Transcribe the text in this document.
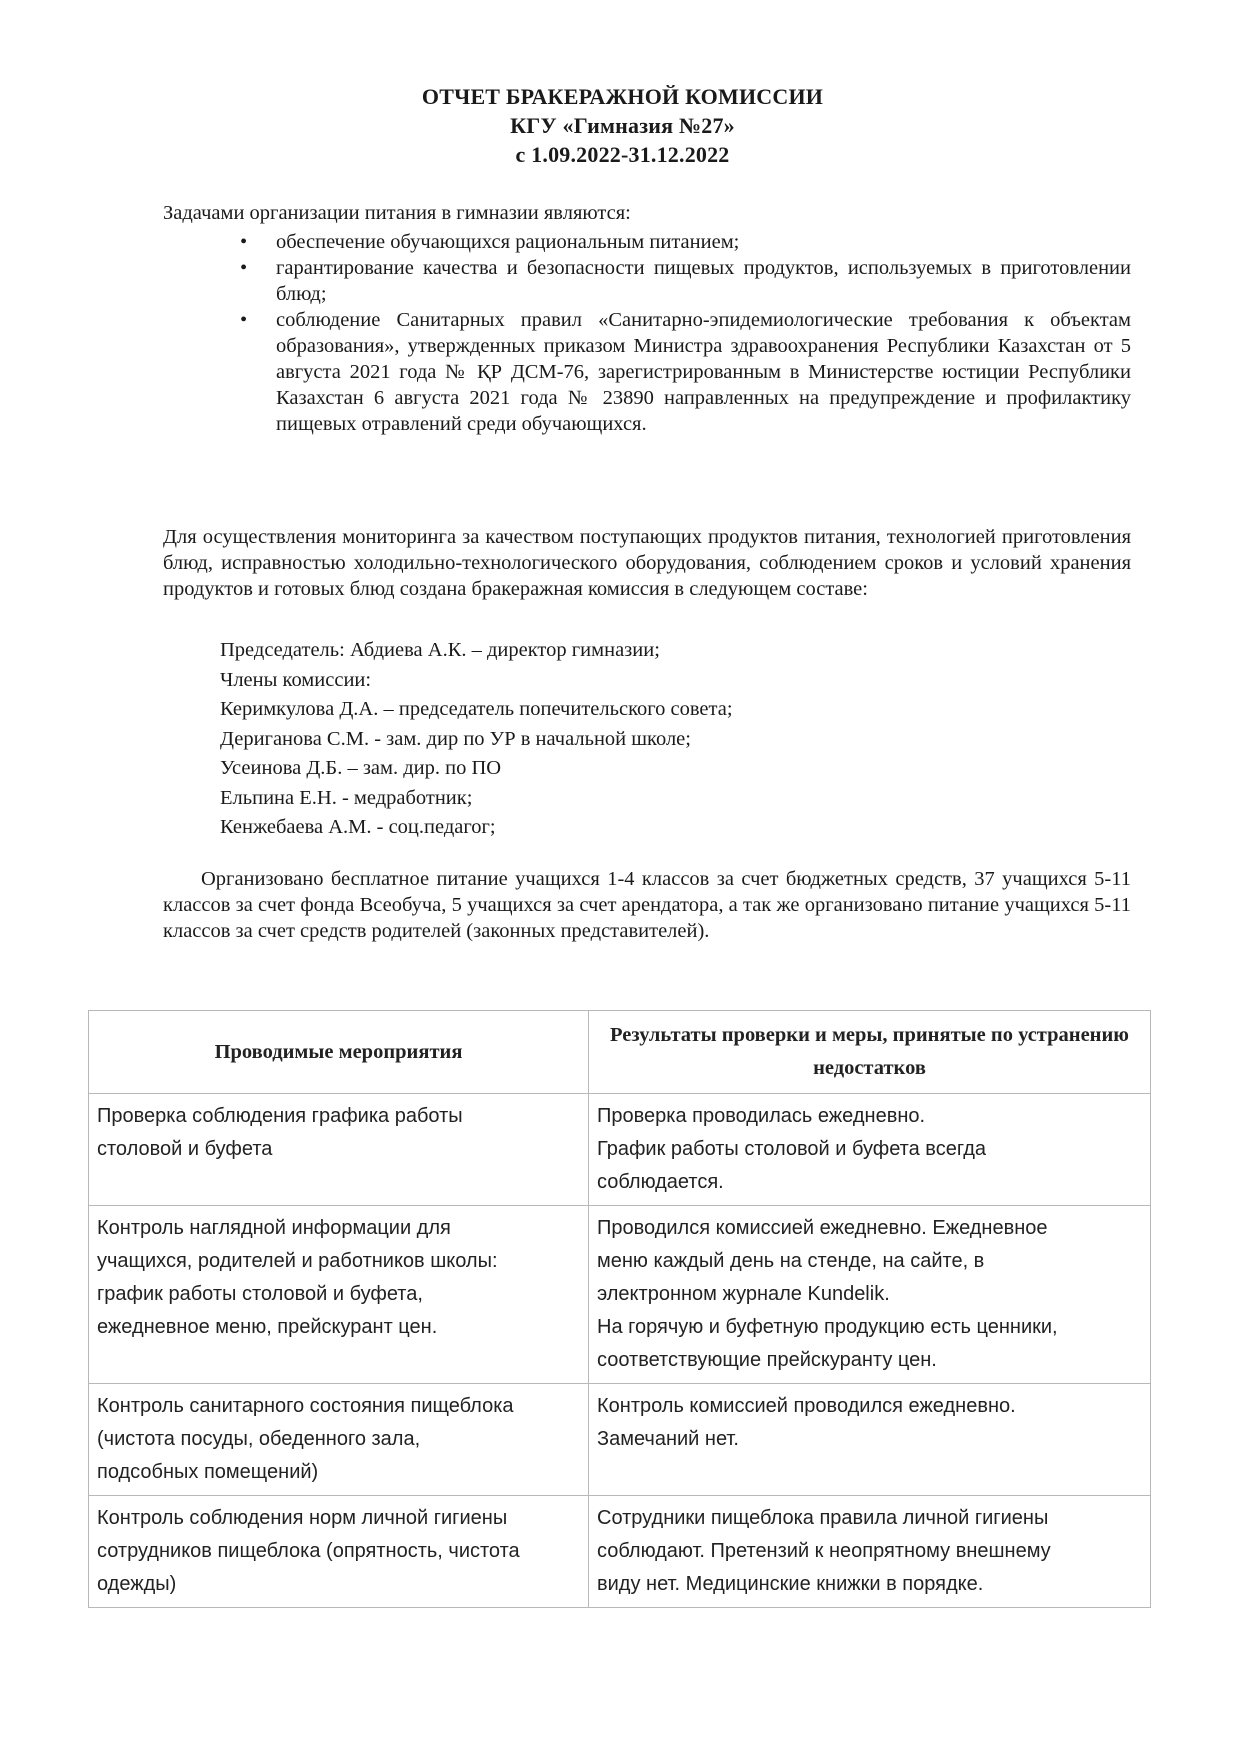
ОТЧЕТ БРАКЕРАЖНОЙ КОМИССИИ
КГУ «Гимназия №27»
с 1.09.2022-31.12.2022
Задачами организации питания в гимназии являются:
• обеспечение обучающихся рациональным питанием;
• гарантирование качества и безопасности пищевых продуктов, используемых в приготовлении блюд;
• соблюдение Санитарных правил «Санитарно-эпидемиологические требования к объектам образования», утвержденных приказом Министра здравоохранения Республики Казахстан от 5 августа 2021 года № ҚР ДСМ-76, зарегистрированным в Министерстве юстиции Республики Казахстан 6 августа 2021 года № 23890 направленных на предупреждение и профилактику пищевых отравлений среди обучающихся.
Для осуществления мониторинга за качеством поступающих продуктов питания, технологией приготовления блюд, исправностью холодильно-технологического оборудования, соблюдением сроков и условий хранения продуктов и готовых блюд создана бракеражная комиссия в следующем составе:
Председатель: Абдиева А.К. – директор гимназии;
Члены комиссии:
Керимкулова Д.А. – председатель попечительского совета;
Дериганова С.М. - зам. дир по УР в начальной школе;
Усеинова Д.Б. – зам. дир. по ПО
Ельпина Е.Н. - медработник;
Кенжебаева А.М. - соц.педагог;
Организовано бесплатное питание учащихся 1-4 классов за счет бюджетных средств, 37 учащихся 5-11 классов за счет фонда Всеобуча, 5 учащихся за счет арендатора, а так же организовано питание учащихся 5-11 классов за счет средств родителей (законных представителей).
Проводимые мероприятия	Результаты проверки и меры, принятые по устранению недостатков

Проверка соблюдения графика работы
столовой и буфета	Проверка проводилась ежедневно.
График работы столовой и буфета всегда
соблюдается.

Контроль наглядной информации для
учащихся, родителей и работников школы:
график работы столовой и буфета,
ежедневное меню, прейскурант цен.	Проводился комиссией ежедневно. Ежедневное
меню каждый день на стенде, на сайте, в
электронном журнале Kundelik.
На горячую и буфетную продукцию есть ценники,
соответствующие прейскуранту цен.

Контроль санитарного состояния пищеблока
(чистота посуды, обеденного зала,
подсобных помещений)	Контроль комиссией проводился ежедневно.
Замечаний нет.

Контроль соблюдения норм личной гигиены
сотрудников пищеблока (опрятность, чистота
одежды)	Сотрудники пищеблока правила личной гигиены
соблюдают. Претензий к неопрятному внешнему
виду нет. Медицинские книжки в порядке.
